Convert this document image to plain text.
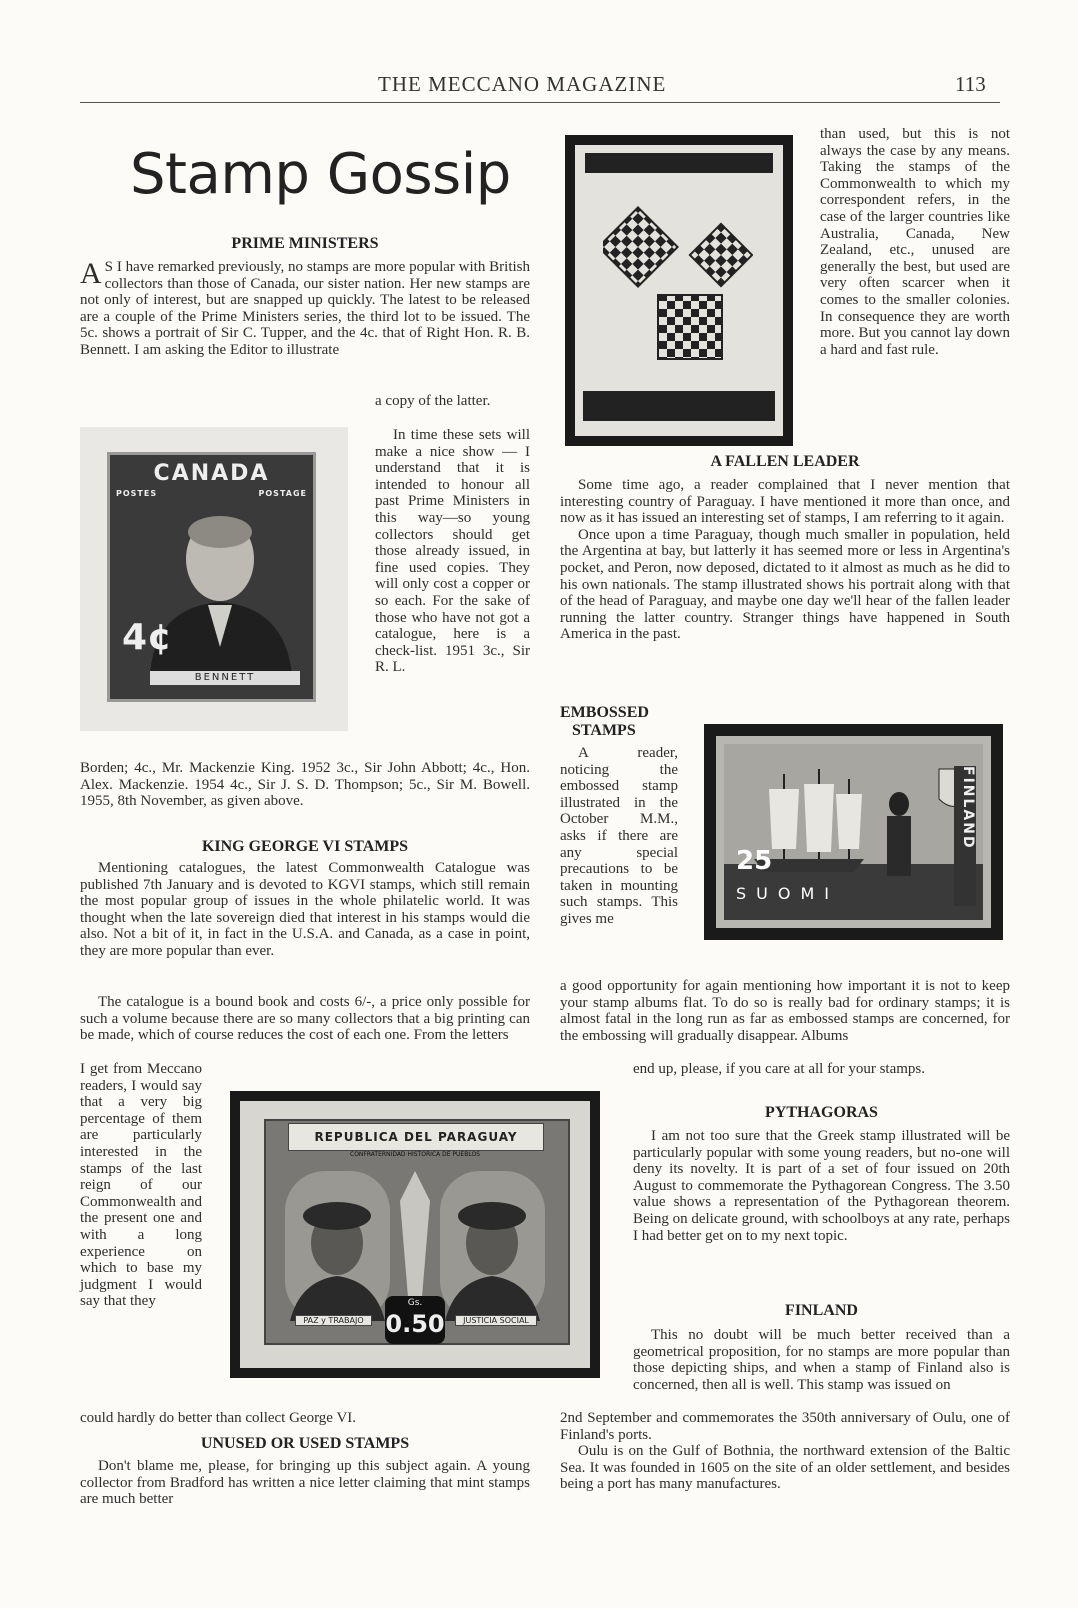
THE MECCANO MAGAZINE	113
Stamp Gossip
PRIME MINISTERS

A S I have remarked previously, no stamps are more popular with British collectors than those of Canada, our sister nation. Her new stamps are not only of interest, but are snapped up quickly. The latest to be released are a couple of the Prime Ministers series, the third lot to be issued. The 5c. shows a portrait of Sir C. Tupper, and the 4c. that of Right Hon. R. B. Bennett. I am asking the Editor to illustrate

a copy of the latter.
CANADA
POSTES	POSTAGE
4¢
BENNETT

In time these sets will make a nice show — I understand that it is intended to honour all past Prime Ministers in this way—so young collectors should get those already issued, in fine used copies. They will only cost a copper or so each. For the sake of those who have not got a catalogue, here is a check-list. 1951 3c., Sir R. L.

Borden; 4c., Mr. Mackenzie King. 1952 3c., Sir John Abbott; 4c., Hon. Alex. Mackenzie. 1954 4c., Sir J. S. D. Thompson; 5c., Sir M. Bowell. 1955, 8th November, as given above.

KING GEORGE VI STAMPS

Mentioning catalogues, the latest Commonwealth Catalogue was published 7th January and is devoted to KGVI stamps, which still remain the most popular group of issues in the whole philatelic world. It was thought when the late sovereign died that interest in his stamps would die also. Not a bit of it, in fact in the U.S.A. and Canada, as a case in point, they are more popular than ever.

The catalogue is a bound book and costs 6/-, a price only possible for such a volume because there are so many collectors that a big printing can be made, which of course reduces the cost of each one. From the letters

I get from Meccano readers, I would say that a very big percentage of them are particularly interested in the stamps of the last reign of our Commonwealth and the present one and with a long experience on which to base my judgment I would say that they

could hardly do better than collect George VI.
REPUBLICA DEL PARAGUAY
CONFRATERNIDAD HISTORICA DE PUEBLOS
PAZ y TRABAJO	JUSTICIA SOCIAL
Gs.
0.50
UNUSED OR USED STAMPS

Don't blame me, please, for bringing up this subject again. A young collector from Bradford has written a nice letter claiming that mint stamps are much better

than used, but this is not always the case by any means. Taking the stamps of the Commonwealth to which my correspondent refers, in the case of the larger countries like Australia, Canada, New Zealand, etc., unused are generally the best, but used are very often scarcer when it comes to the smaller colonies. In consequence they are worth more. But you cannot lay down a hard and fast rule.

A FALLEN LEADER

Some time ago, a reader complained that I never mention that interesting country of Paraguay. I have mentioned it more than once, and now as it has issued an interesting set of stamps, I am referring to it again.

Once upon a time Paraguay, though much smaller in population, held the Argentina at bay, but latterly it has seemed more or less in Argentina's pocket, and Peron, now deposed, dictated to it almost as much as he did to his own nationals. The stamp illustrated shows his portrait along with that of the head of Paraguay, and maybe one day we'll hear of the fallen leader running the latter country. Stranger things have happened in South America in the past.

EMBOSSED
STAMPS

A reader, noticing the embossed stamp illustrated in the October M.M., asks if there are any special precautions to be taken in mounting such stamps. This gives me

25
SUOMI
FINLAND

a good opportunity for again mentioning how important it is not to keep your stamp albums flat. To do so is really bad for ordinary stamps; it is almost fatal in the long run as far as embossed stamps are concerned, for the embossing will gradually disappear. Albums

end up, please, if you care at all for your stamps.

PYTHAGORAS

I am not too sure that the Greek stamp illustrated will be particularly popular with some young readers, but no-one will deny its novelty. It is part of a set of four issued on 20th August to commemorate the Pythagorean Congress. The 3.50 value shows a representation of the Pythagorean theorem. Being on delicate ground, with schoolboys at any rate, perhaps I had better get on to my next topic.

FINLAND

This no doubt will be much better received than a geometrical proposition, for no stamps are more popular than those depicting ships, and when a stamp of Finland also is concerned, then all is well. This stamp was issued on

2nd September and commemorates the 350th anniversary of Oulu, one of Finland's ports.

Oulu is on the Gulf of Bothnia, the northward extension of the Baltic Sea. It was founded in 1605 on the site of an older settlement, and besides being a port has many manufactures.
